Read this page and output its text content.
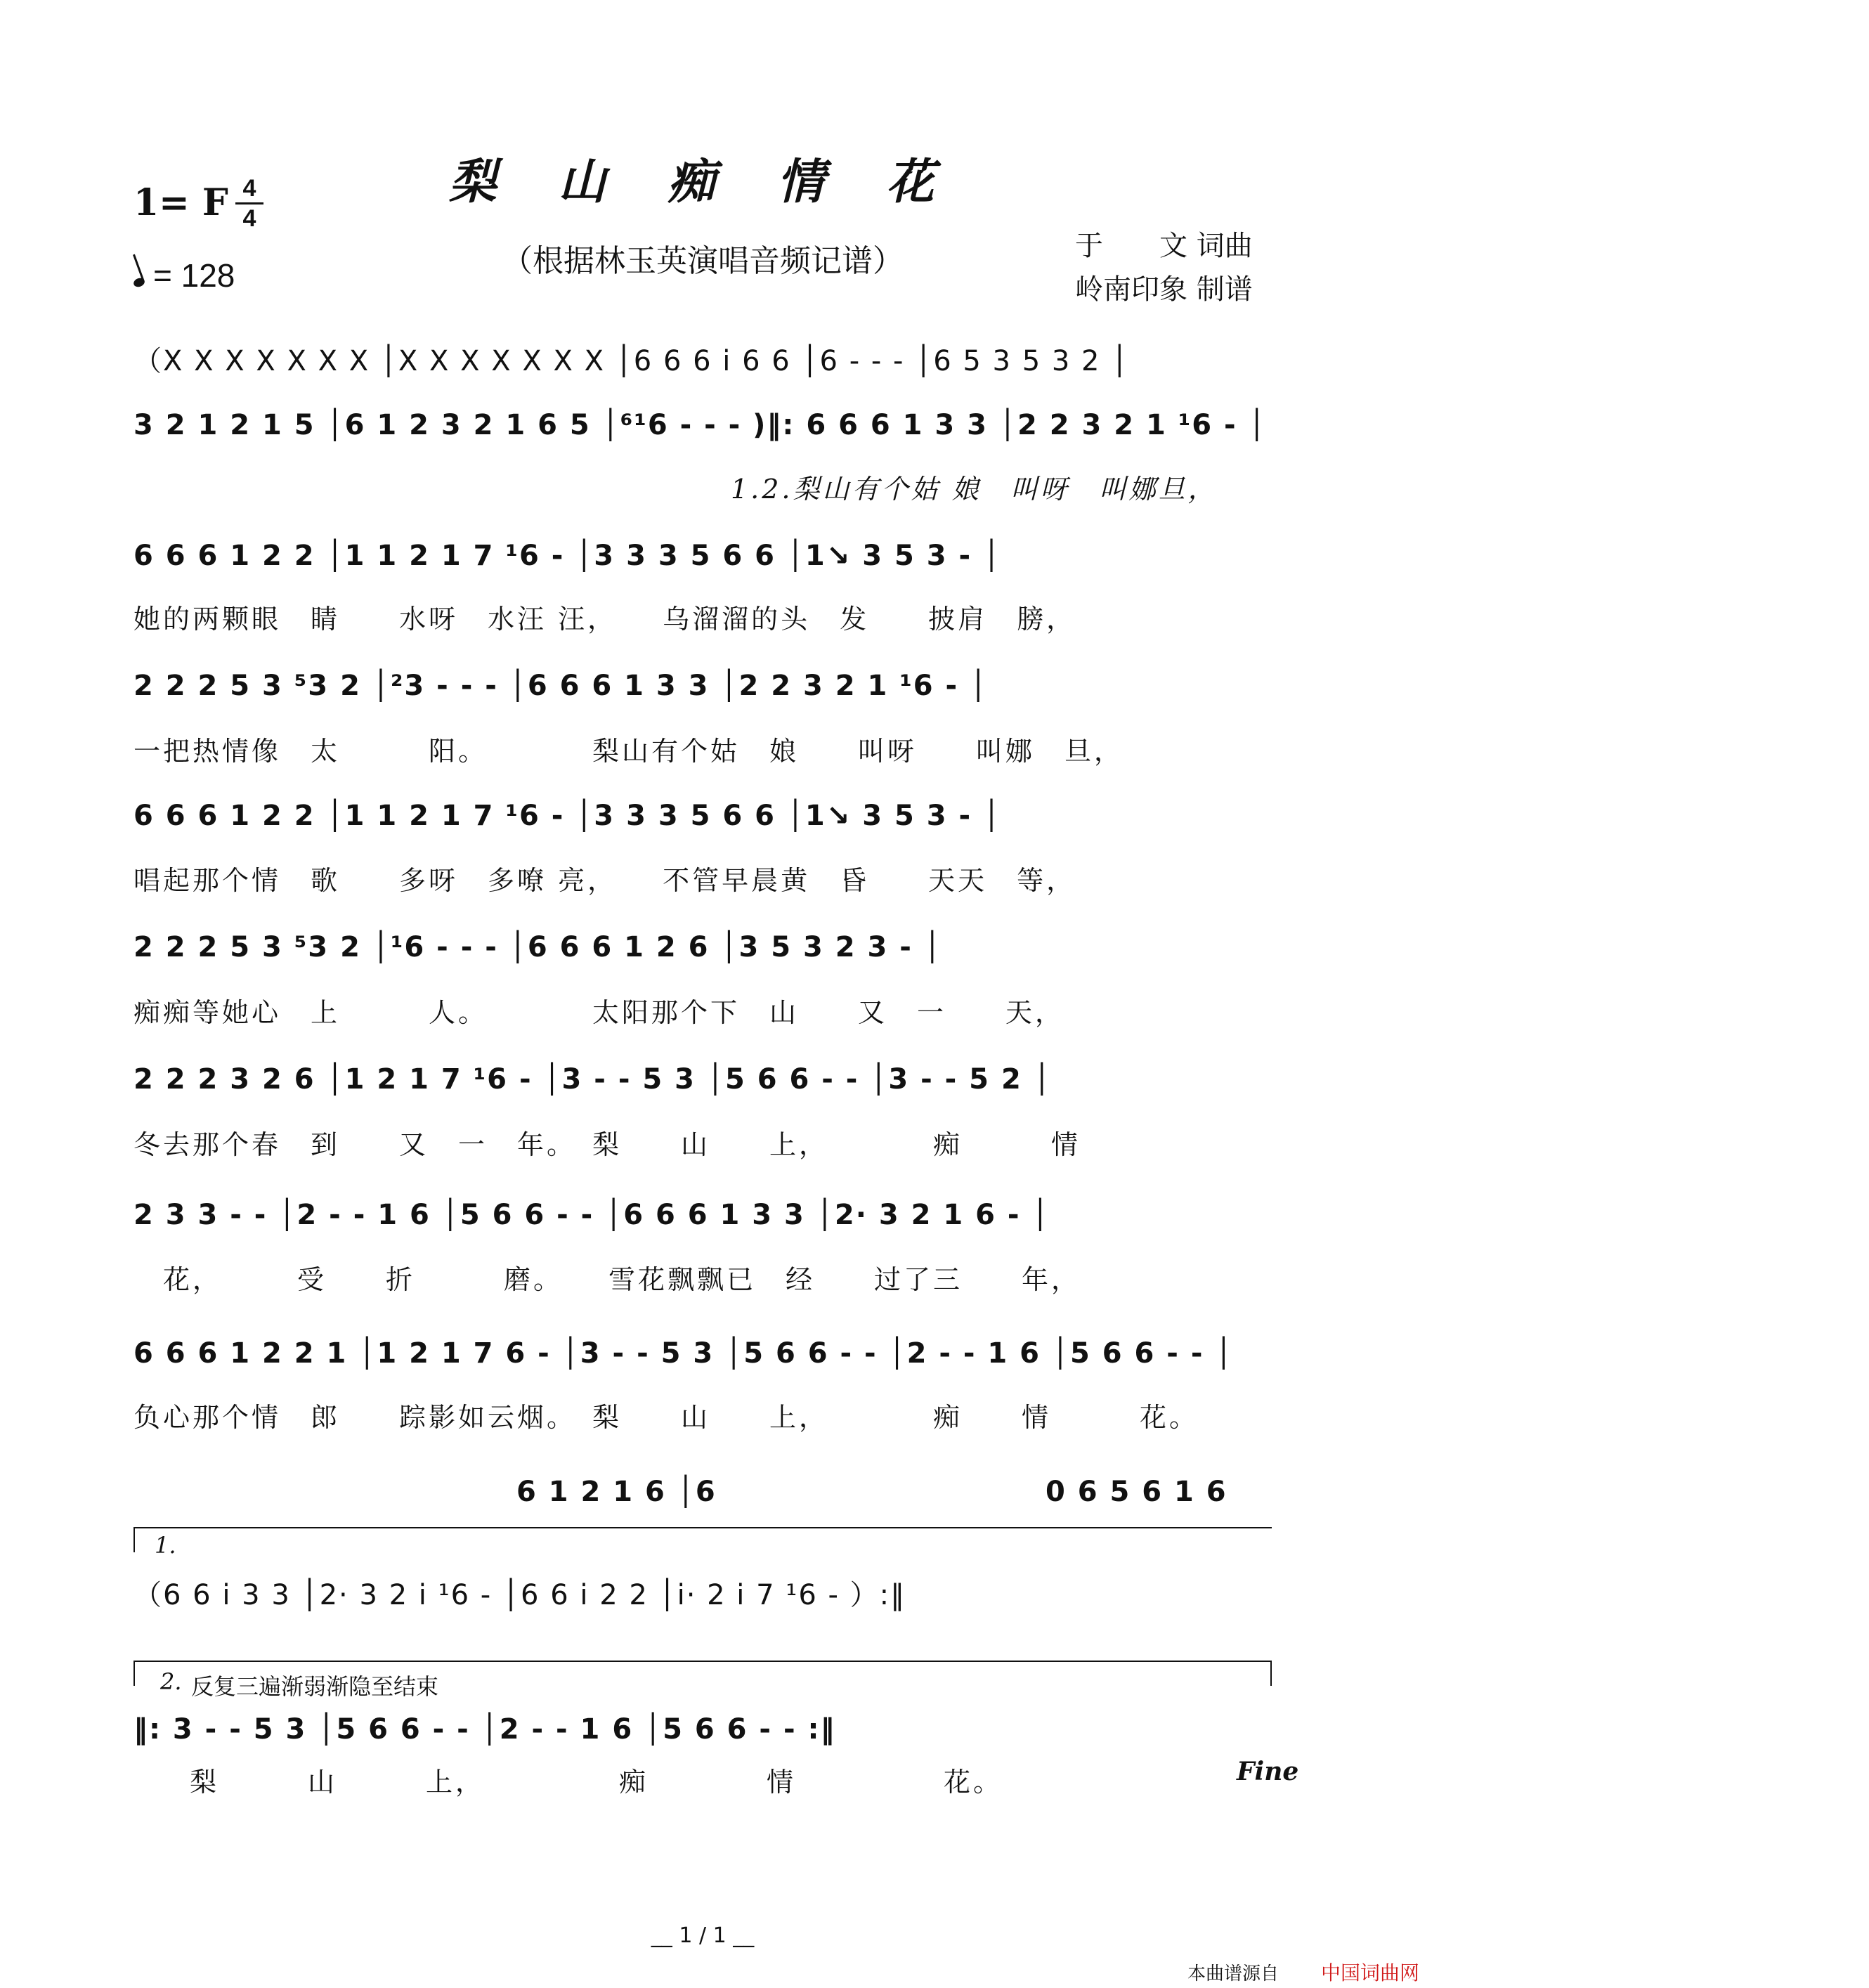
梨 山 痴 情 花
（根据林玉英演唱音频记谱）
1= F 4
4
= 128
于　　文 词曲
岭南印象 制谱
（X X X X X X X │X X X X X X X │6 6 6 i 6 6 │6 - - - │6 5 3 5 3 2 │
3 2 1 2 1 5 │6 1 2 3 2 1 6 5 │⁶¹6 - - - )‖: 6 6 6 1 3 3 │2 2 3 2 1 ¹6 - │
1.2.梨山有个姑 娘　叫呀　叫娜旦，
6 6 6 1 2 2 │1 1 2 1 7 ¹6 - │3 3 3 5 6 6 │1↘ 3 5 3 - │
她的两颗眼　睛　　水呀　水汪 汪，　　乌溜溜的头　发　　披肩　膀，
2 2 2 5 3 ⁵3 2 │²3 - - - │6 6 6 1 3 3 │2 2 3 2 1 ¹6 - │
一把热情像　太　　　阳。　　　　梨山有个姑　娘　　叫呀　　叫娜　旦，
6 6 6 1 2 2 │1 1 2 1 7 ¹6 - │3 3 3 5 6 6 │1↘ 3 5 3 - │
唱起那个情　歌　　多呀　多嘹 亮，　　不管早晨黄　昏　　天天　等，
2 2 2 5 3 ⁵3 2 │¹6 - - - │6 6 6 1 2 6 │3 5 3 2 3 - │
痴痴等她心　上　　　人。　　　　太阳那个下　山　　又　一　　天，
2 2 2 3 2 6 │1 2 1 7 ¹6 - │3 - - 5 3 │5 6 6 - - │3 - - 5 2 │
冬去那个春　到　　又　一　年。　梨　　山　　上，　　　　痴　　　情
2 3 3 - - │2 - - 1 6 │5 6 6 - - │6 6 6 1 3 3 │2· 3 2 1 6 - │
　花，　　　受　　折　　　磨。　　雪花飘飘已　经　　过了三　　年，
6 6 6 1 2 2 1 │1 2 1 7 6 - │3 - - 5 3 │5 6 6 - - │2 - - 1 6 │5 6 6 - - │
负心那个情　郎　　踪影如云烟。　梨　　山　　上，　　　　痴　　情　　　花。
6 1 2 1 6 │6	0 6 5 6 1 6
1.
（6 6 i 3 3 │2· 3 2 i ¹6 - │6 6 i 2 2 │i· 2 i 7 ¹6 - ）:‖
2. 反复三遍渐弱渐隐至结束
‖: 3 - - 5 3 │5 6 6 - - │2 - - 1 6 │5 6 6 - - :‖
梨　　　山　　　上，　　　　　痴　　　　情　　　　　花。	Fine
__ 1 / 1 __
本曲谱源自 中国词曲网
